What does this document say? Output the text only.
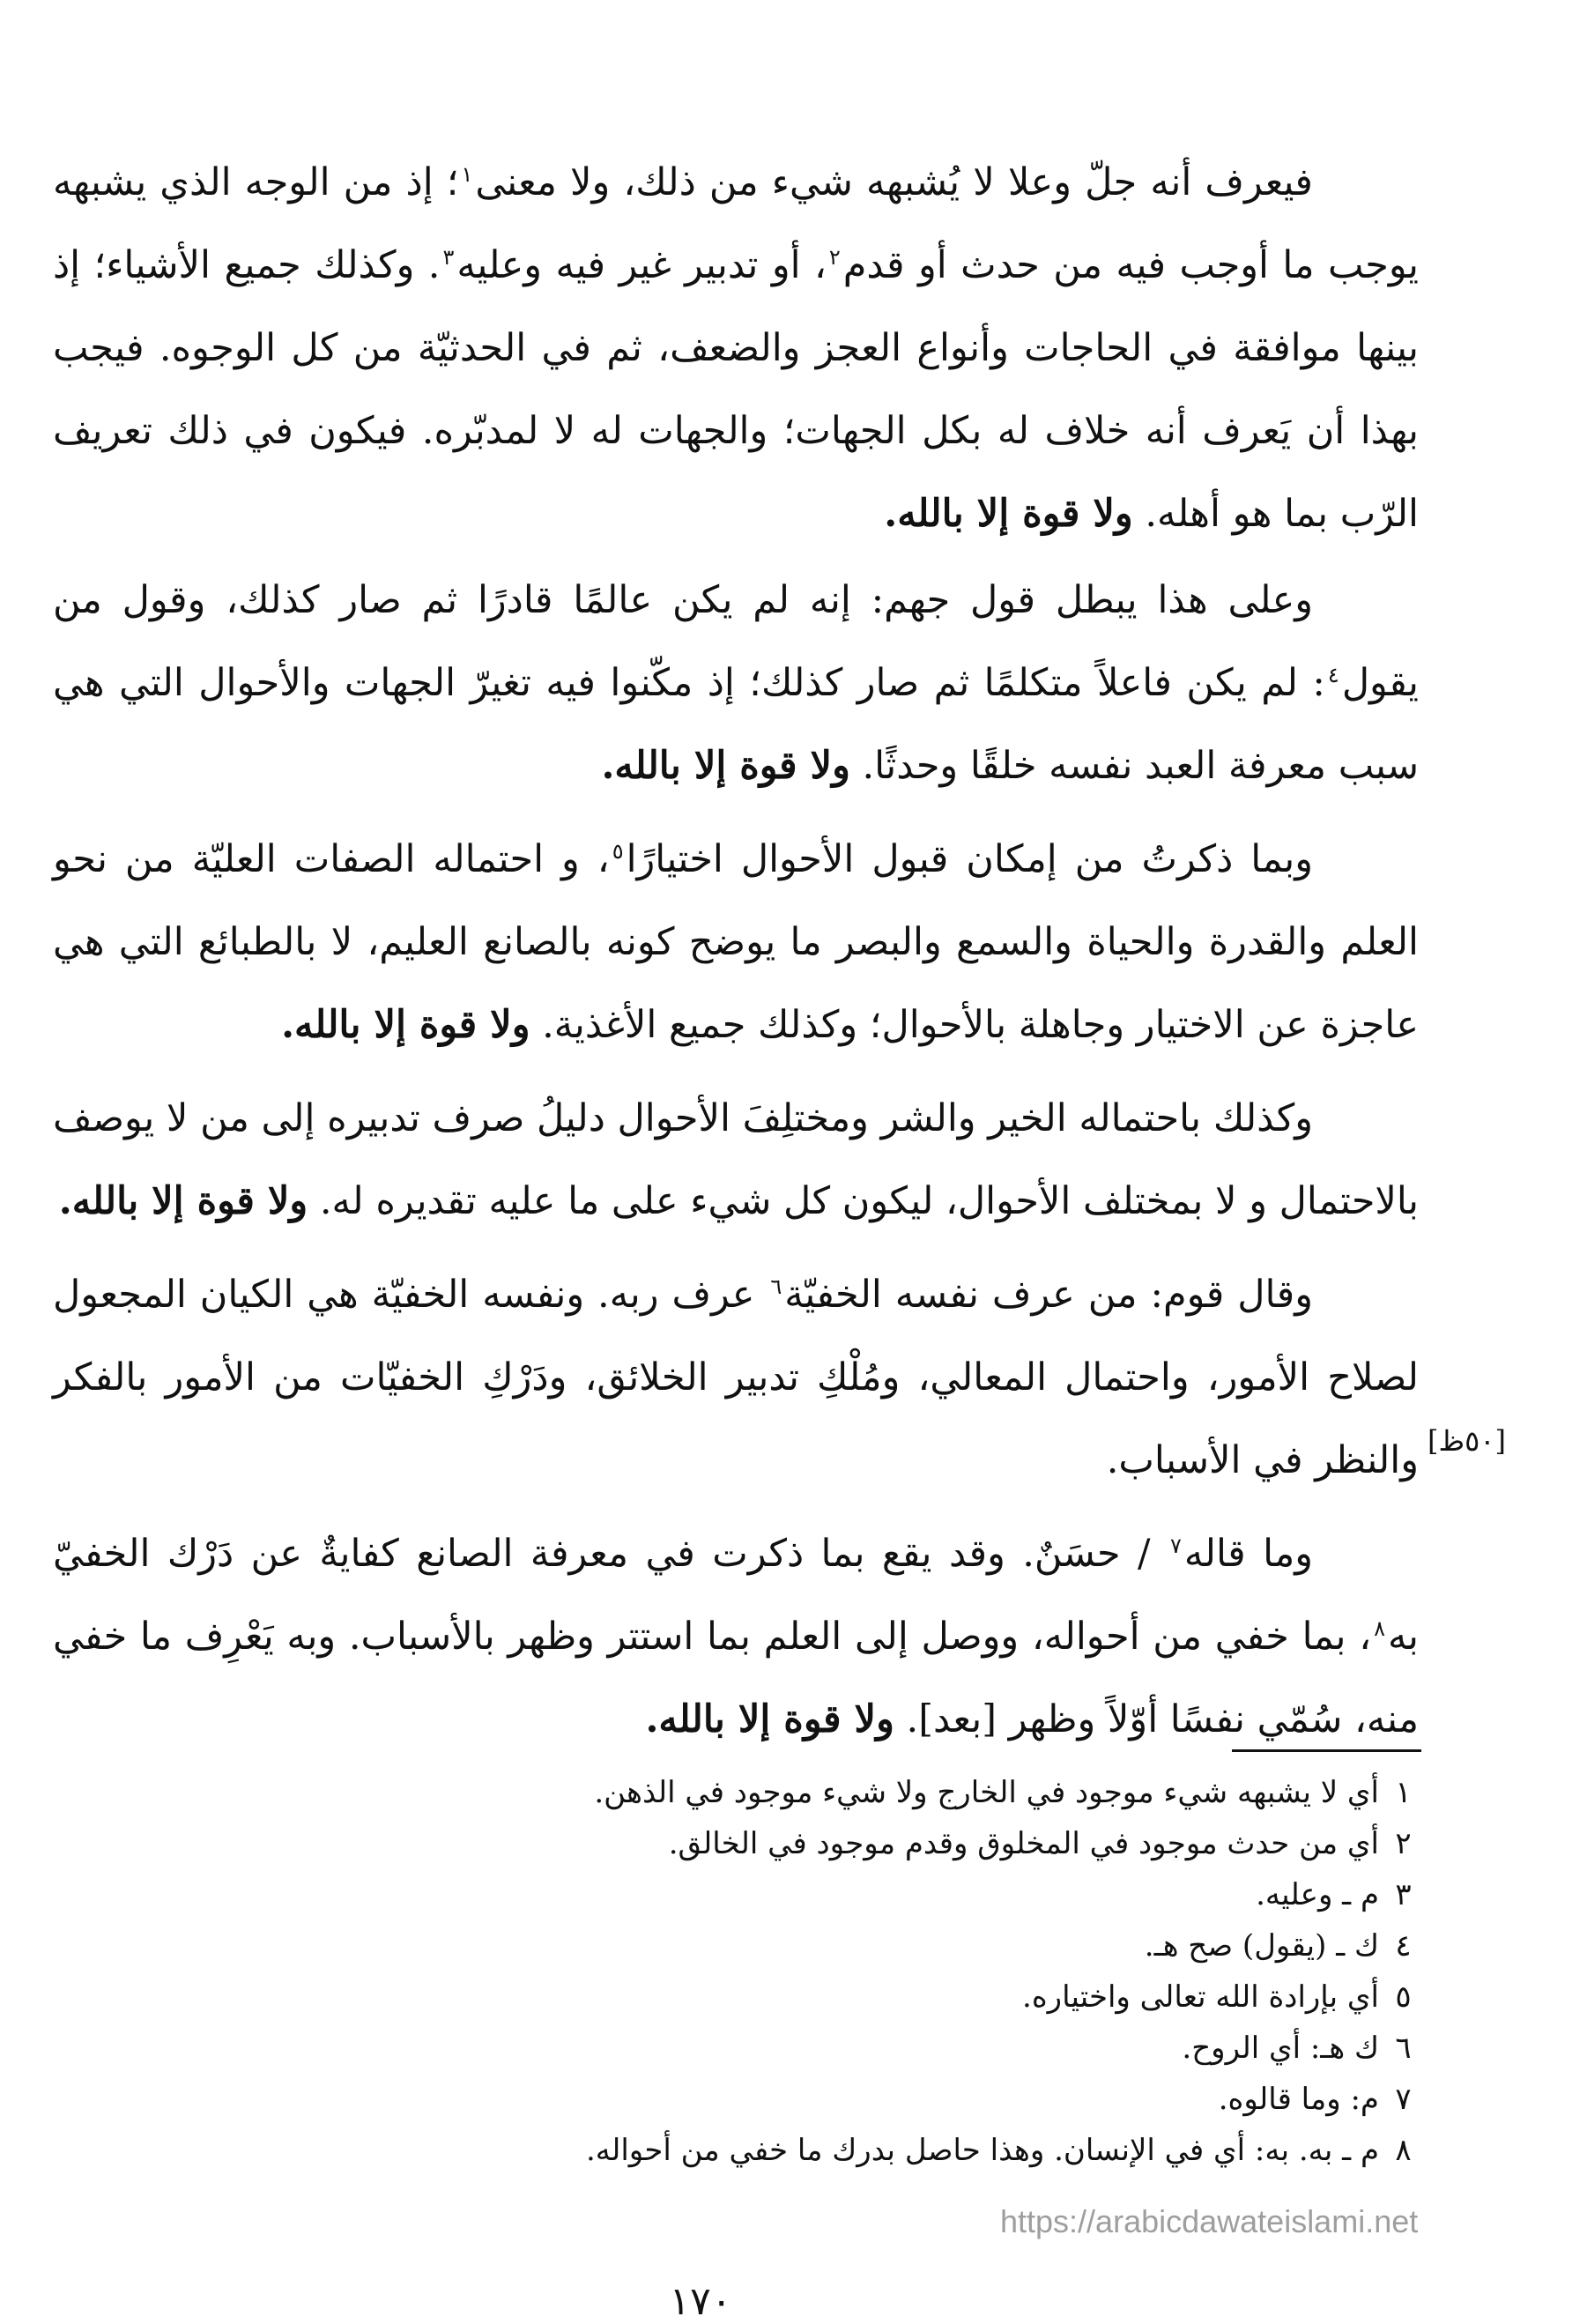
فيعرف أنه جلّ وعلا لا يُشبهه شيء من ذلك، ولا معنى$^١$؛ إذ من الوجه الذي يشبهه يوجب ما أوجب فيه من حدث أو قدم$^٢$، أو تدبير غير فيه وعليه$^٣$. وكذلك جميع الأشياء؛ إذ بينها موافقة في الحاجات وأنواع العجز والضعف، ثم في الحدثيّة من كل الوجوه. فيجب بهذا أن يَعرف أنه خلاف له بكل الجهات؛ والجهات له لا لمدبّره. فيكون في ذلك تعريف الرّب بما هو أهله. ولا قوة إلا بالله.

وعلى هذا يبطل قول جهم: إنه لم يكن عالمًا قادرًا ثم صار كذلك، وقول من يقول$^٤$: لم يكن فاعلاً متكلمًا ثم صار كذلك؛ إذ مكّنوا فيه تغيرّ الجهات والأحوال التي هي سبب معرفة العبد نفسه خلقًا وحدثًا. ولا قوة إلا بالله.

وبما ذكرتُ من إمكان قبول الأحوال اختيارًا$^٥$، و احتماله الصفات العليّة من نحو العلم والقدرة والحياة والسمع والبصر ما يوضح كونه بالصانع العليم، لا بالطبائع التي هي عاجزة عن الاختيار وجاهلة بالأحوال؛ وكذلك جميع الأغذية. ولا قوة إلا بالله.

وكذلك باحتماله الخير والشر ومختلِفَ الأحوال دليلُ صرف تدبيره إلى من لا يوصف بالاحتمال و لا بمختلف الأحوال، ليكون كل شيء على ما عليه تقديره له. ولا قوة إلا بالله.

وقال قوم: من عرف نفسه الخفيّة$^٦$ عرف ربه. ونفسه الخفيّة هي الكيان المجعول لصلاح الأمور، واحتمال المعالي، ومُلْكِ تدبير الخلائق، ودَرْكِ الخفيّات من الأمور بالفكر والنظر في الأسباب.

وما قاله$^٧$ / حسَنٌ. وقد يقع بما ذكرت في معرفة الصانع كفايةٌ عن دَرْك الخفيّ به$^٨$، بما خفي من أحواله، ووصل إلى العلم بما استتر وظهر بالأسباب. وبه يَعْرِف ما خفي منه، سُمّي نفسًا أوّلاً وظهر [بعد]. ولا قوة إلا بالله.

[٥٠ظ]
١
أي لا يشبهه شيء موجود في الخارج ولا شيء موجود في الذهن.
٢
أي من حدث موجود في المخلوق وقدم موجود في الخالق.
٣
م ـ وعليه.
٤
ك ـ (يقول) صح هـ.
٥
أي بإرادة الله تعالى واختياره.
٦
ك هـ: أي الروح.
٧
م: وما قالوه.
٨
م ـ به. به: أي في الإنسان. وهذا حاصل بدرك ما خفي من أحواله.
https://arabicdawateislami.net
١٧٠
